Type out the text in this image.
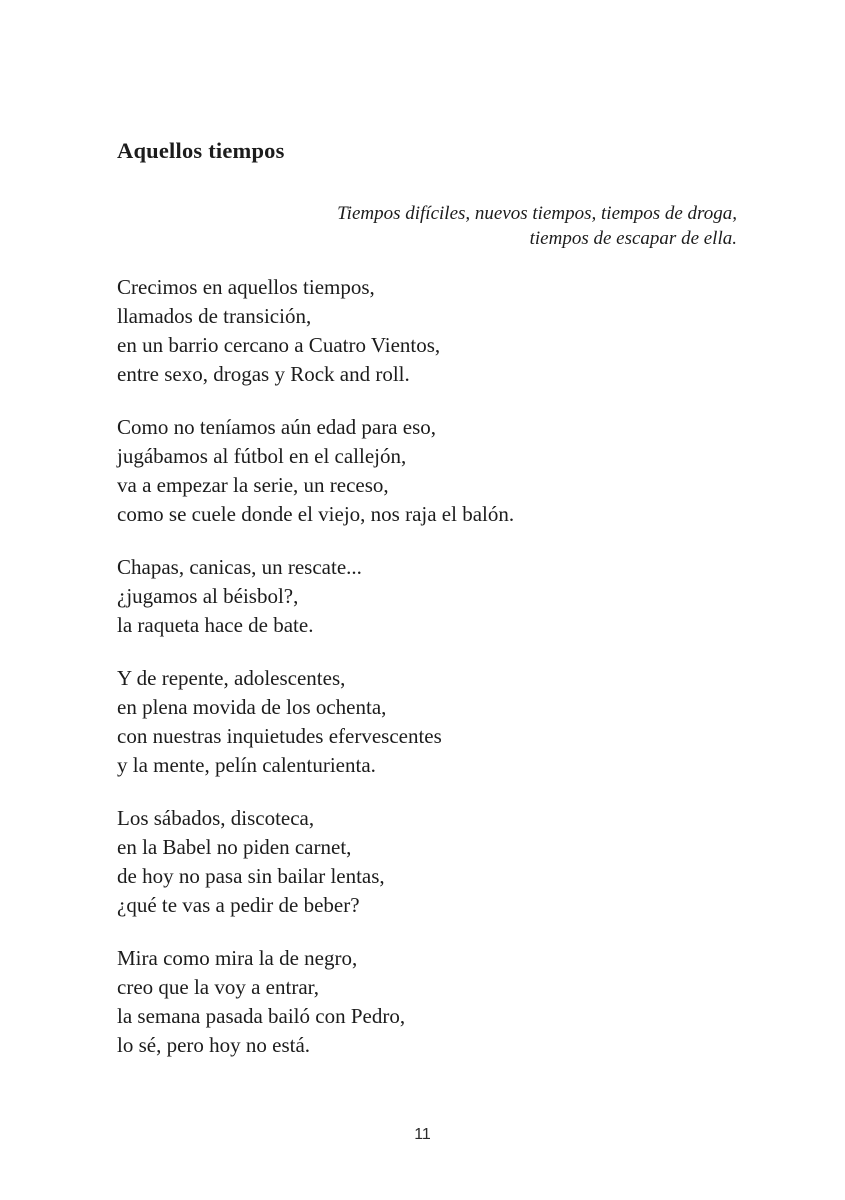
Aquellos tiempos
Tiempos difíciles, nuevos tiempos, tiempos de droga,
tiempos de escapar de ella.
Crecimos en aquellos tiempos,
llamados de transición,
en un barrio cercano a Cuatro Vientos,
entre sexo, drogas y Rock and roll.
Como no teníamos aún edad para eso,
jugábamos al fútbol en el callejón,
va a empezar la serie, un receso,
como se cuele donde el viejo, nos raja el balón.
Chapas, canicas, un rescate...
¿jugamos al béisbol?,
la raqueta hace de bate.
Y de repente, adolescentes,
en plena movida de los ochenta,
con nuestras inquietudes efervescentes
y la mente, pelín calenturienta.
Los sábados, discoteca,
en la Babel no piden carnet,
de hoy no pasa sin bailar lentas,
¿qué te vas a pedir de beber?
Mira como mira la de negro,
creo que la voy a entrar,
la semana pasada bailó con Pedro,
lo sé, pero hoy no está.
11
